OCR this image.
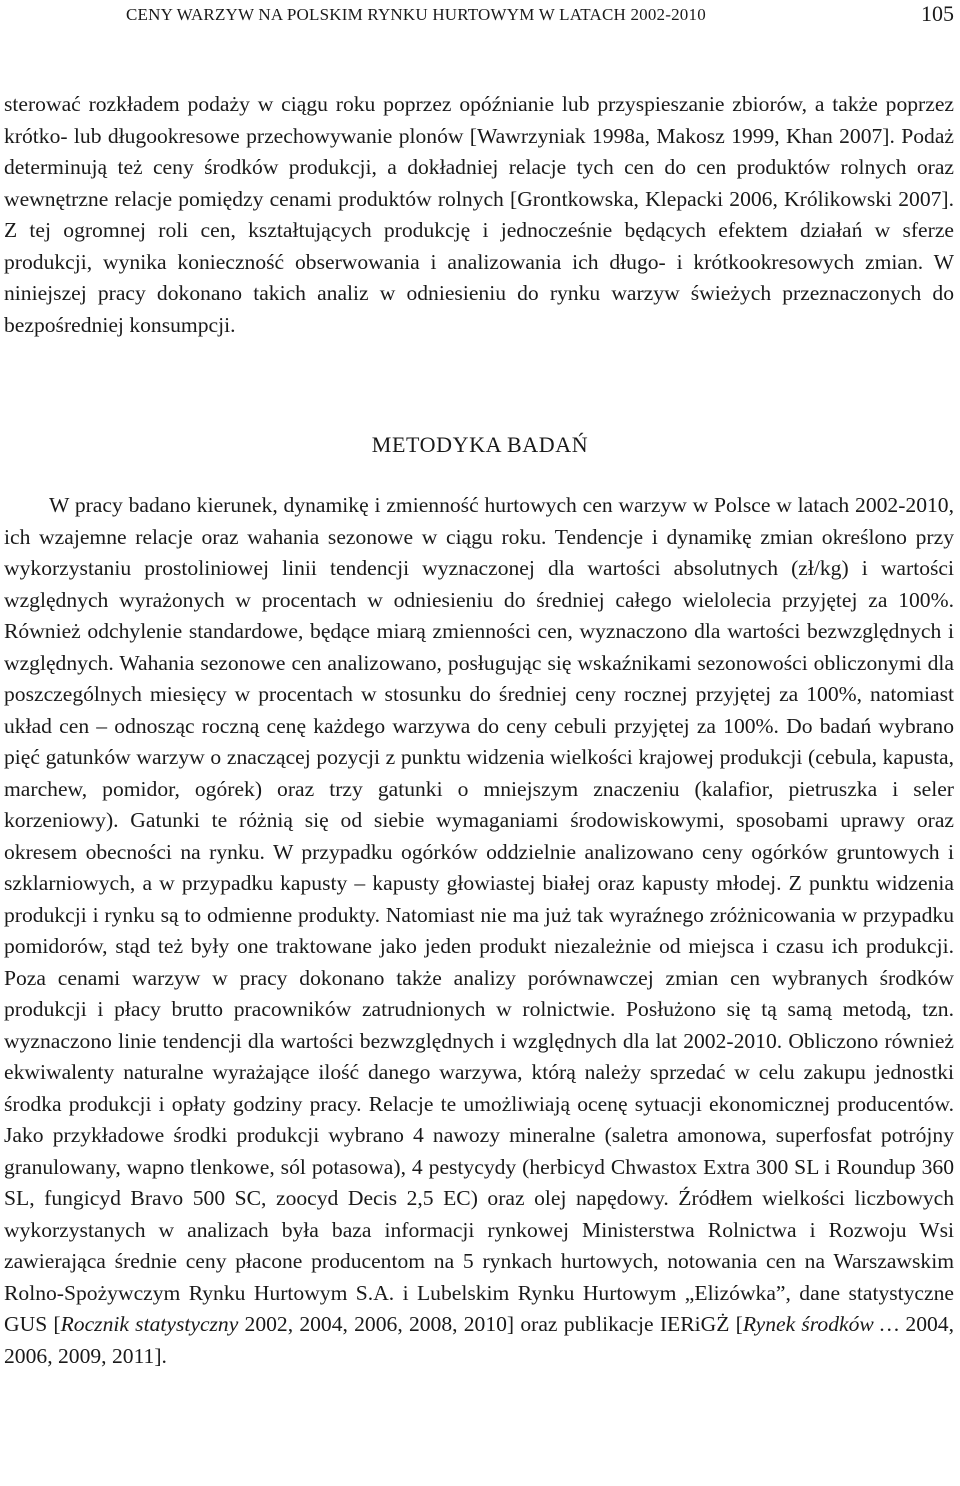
CENY WARZYW NA POLSKIM RYNKU HURTOWYM W LATACH 2002-2010	105
sterować rozkładem podaży w ciągu roku poprzez opóźnianie lub przyspieszanie zbiorów, a także poprzez krótko- lub długookresowe przechowywanie plonów [Wawrzyniak 1998a, Makosz 1999, Khan 2007]. Podaż determinują też ceny środków produkcji, a dokładniej relacje tych cen do cen produktów rolnych oraz wewnętrzne relacje pomiędzy cenami produktów rolnych [Grontkowska, Klepacki 2006, Królikowski 2007]. Z tej ogromnej roli cen, kształtujących produkcję i jednocześnie będących efektem działań w sferze produkcji, wynika konieczność obserwowania i analizowania ich długo- i krótkookresowych zmian. W niniejszej pracy dokonano takich analiz w odniesieniu do rynku warzyw świeżych przeznaczonych do bezpośredniej konsumpcji.
METODYKA BADAŃ
W pracy badano kierunek, dynamikę i zmienność hurtowych cen warzyw w Polsce w latach 2002-2010, ich wzajemne relacje oraz wahania sezonowe w ciągu roku. Tendencje i dynamikę zmian określono przy wykorzystaniu prostoliniowej linii tendencji wyznaczonej dla wartości absolutnych (zł/kg) i wartości względnych wyrażonych w procentach w odniesieniu do średniej całego wielolecia przyjętej za 100%. Również odchylenie standardowe, będące miarą zmienności cen, wyznaczono dla wartości bezwzględnych i względnych. Wahania sezonowe cen analizowano, posługując się wskaźnikami sezonowości obliczonymi dla poszczególnych miesięcy w procentach w stosunku do średniej ceny rocznej przyjętej za 100%, natomiast układ cen – odnosząc roczną cenę każdego warzywa do ceny cebuli przyjętej za 100%. Do badań wybrano pięć gatunków warzyw o znaczącej pozycji z punktu widzenia wielkości krajowej produkcji (cebula, kapusta, marchew, pomidor, ogórek) oraz trzy gatunki o mniejszym znaczeniu (kalafior, pietruszka i seler korzeniowy). Gatunki te różnią się od siebie wymaganiami środowiskowymi, sposobami uprawy oraz okresem obecności na rynku. W przypadku ogórków oddzielnie analizowano ceny ogórków gruntowych i szklarniowych, a w przypadku kapusty – kapusty głowiastej białej oraz kapusty młodej. Z punktu widzenia produkcji i rynku są to odmienne produkty. Natomiast nie ma już tak wyraźnego zróżnicowania w przypadku pomidorów, stąd też były one traktowane jako jeden produkt niezależnie od miejsca i czasu ich produkcji. Poza cenami warzyw w pracy dokonano także analizy porównawczej zmian cen wybranych środków produkcji i płacy brutto pracowników zatrudnionych w rolnictwie. Posłużono się tą samą metodą, tzn. wyznaczono linie tendencji dla wartości bezwzględnych i względnych dla lat 2002-2010. Obliczono również ekwiwalenty naturalne wyrażające ilość danego warzywa, którą należy sprzedać w celu zakupu jednostki środka produkcji i opłaty godziny pracy. Relacje te umożliwiają ocenę sytuacji ekonomicznej producentów. Jako przykładowe środki produkcji wybrano 4 nawozy mineralne (saletra amonowa, superfosfat potrójny granulowany, wapno tlenkowe, sól potasowa), 4 pestycydy (herbicyd Chwastox Extra 300 SL i Roundup 360 SL, fungicyd Bravo 500 SC, zoocyd Decis 2,5 EC) oraz olej napędowy. Źródłem wielkości liczbowych wykorzystanych w analizach była baza informacji rynkowej Ministerstwa Rolnictwa i Rozwoju Wsi zawierająca średnie ceny płacone producentom na 5 rynkach hurtowych, notowania cen na Warszawskim Rolno-Spożywczym Rynku Hurtowym S.A. i Lubelskim Rynku Hurtowym „Elizówka”, dane statystyczne GUS [Rocznik statystyczny 2002, 2004, 2006, 2008, 2010] oraz publikacje IERiGŻ [Rynek środków … 2004, 2006, 2009, 2011].
